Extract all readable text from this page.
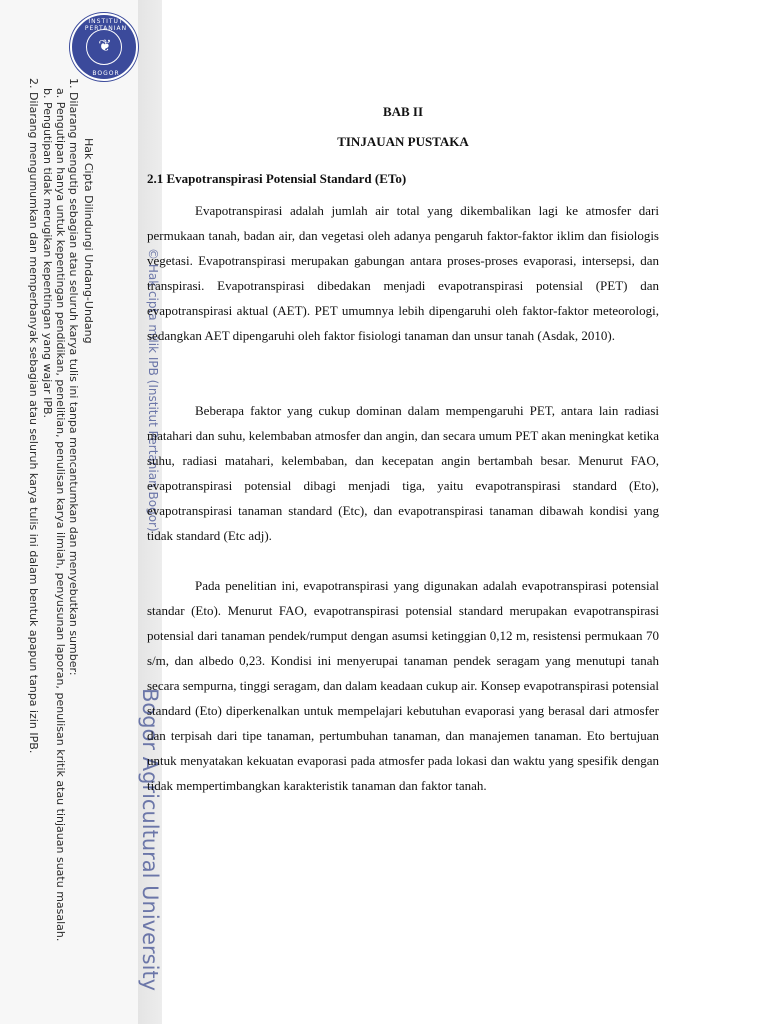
INSTITUT PERTANIAN
❦
BOGOR
Hak Cipta Dilindungi Undang-Undang
1. Dilarang mengutip sebagian atau seluruh karya tulis ini tanpa mencantumkan dan menyebutkan sumber:
a. Pengutipan hanya untuk kepentingan pendidikan, penelitian, penulisan karya ilmiah, penyusunan laporan, penulisan kritik atau tinjauan suatu masalah.
b. Pengutipan tidak merugikan kepentingan yang wajar IPB.
2. Dilarang mengumumkan dan memperbanyak sebagian atau seluruh karya tulis ini dalam bentuk apapun tanpa izin IPB.	© Hak cipta milik IPB (Institut Pertanian Bogor)
Bogor Agricultural University
BAB II
TINJAUAN PUSTAKA
2.1 Evapotranspirasi Potensial Standard (ETo)

Evapotranspirasi adalah jumlah air total yang dikembalikan lagi ke atmosfer dari permukaan tanah, badan air, dan vegetasi oleh adanya pengaruh faktor-faktor iklim dan fisiologis vegetasi. Evapotranspirasi merupakan gabungan antara proses-proses evaporasi, intersepsi, dan transpirasi. Evapotranspirasi dibedakan menjadi evapotranspirasi potensial (PET) dan evapotranspirasi aktual (AET). PET umumnya lebih dipengaruhi oleh faktor-faktor meteorologi, sedangkan AET dipengaruhi oleh faktor fisiologi tanaman dan unsur tanah (Asdak, 2010).

Beberapa faktor yang cukup dominan dalam mempengaruhi PET, antara lain radiasi matahari dan suhu, kelembaban atmosfer dan angin, dan secara umum PET akan meningkat ketika suhu, radiasi matahari, kelembaban, dan kecepatan angin bertambah besar. Menurut FAO, evapotranspirasi potensial dibagi menjadi tiga, yaitu evapotranspirasi standard (Eto), evapotranspirasi tanaman standard (Etc), dan evapotranspirasi tanaman dibawah kondisi yang tidak standard (Etc adj).

Pada penelitian ini, evapotranspirasi yang digunakan adalah evapotranspirasi potensial standar (Eto). Menurut FAO, evapotranspirasi potensial standard merupakan evapotranspirasi potensial dari tanaman pendek/rumput dengan asumsi ketinggian 0,12 m, resistensi permukaan 70 s/m, dan albedo 0,23. Kondisi ini menyerupai tanaman pendek seragam yang menutupi tanah secara sempurna, tinggi seragam, dan dalam keadaan cukup air. Konsep evapotranspirasi potensial standard (Eto) diperkenalkan untuk mempelajari kebutuhan evaporasi yang berasal dari atmosfer dan terpisah dari tipe tanaman, pertumbuhan tanaman, dan manajemen tanaman. Eto bertujuan untuk menyatakan kekuatan evaporasi pada atmosfer pada lokasi dan waktu yang spesifik dengan tidak mempertimbangkan karakteristik tanaman dan faktor tanah.
